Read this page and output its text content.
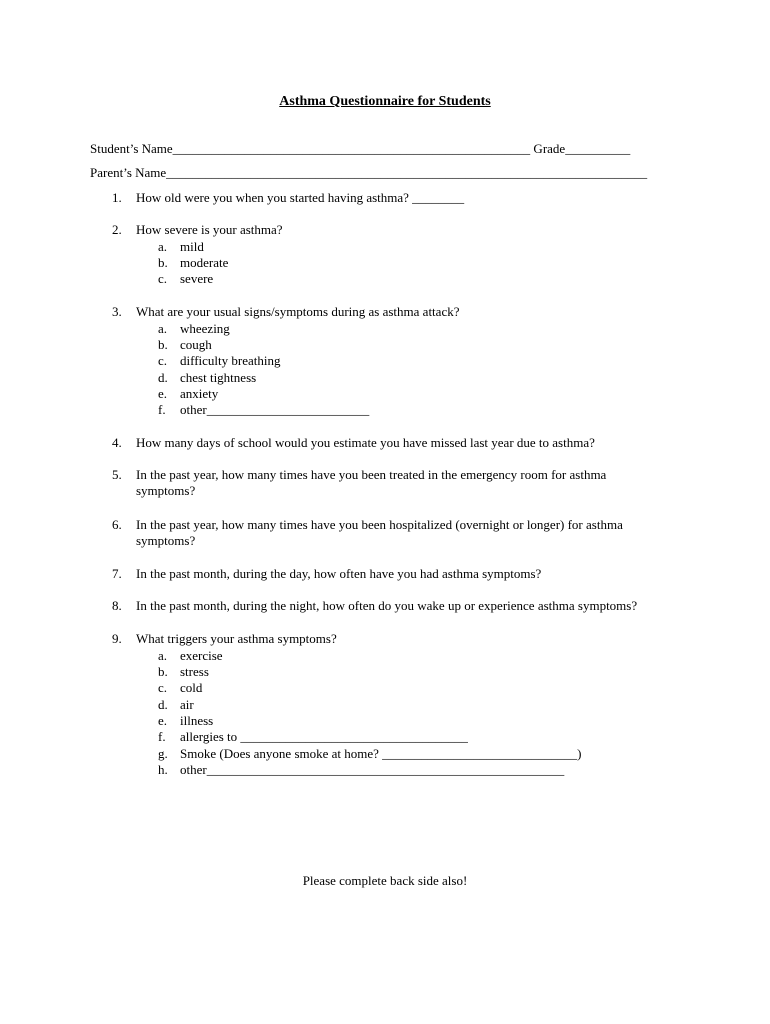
Asthma Questionnaire for Students
Student’s Name_______________________________________________________ Grade__________
Parent’s Name__________________________________________________________________________
1.	How old were you when you started having asthma? ________
2.	How severe is your asthma?
a. mild
b. moderate
c. severe
3.	What are your usual signs/symptoms during as asthma attack?
a. wheezing
b. cough
c. difficulty breathing
d. chest tightness
e. anxiety
f.	other_________________________
4.	How many days of school would you estimate you have missed last year due to asthma?
5.	In the past year, how many times have you been treated in the emergency room for asthma
symptoms?
6.	In the past year, how many times have you been hospitalized (overnight or longer) for asthma
symptoms?
7.	In the past month, during the day, how often have you had asthma symptoms?
8.	In the past month, during the night, how often do you wake up or experience asthma symptoms?
9.	What triggers your asthma symptoms?
a. exercise
b. stress
c. cold
d. air
e. illness
f.	allergies to ___________________________________
g. Smoke (Does anyone smoke at home? ______________________________)
h. other_______________________________________________________
Please complete back side also!
